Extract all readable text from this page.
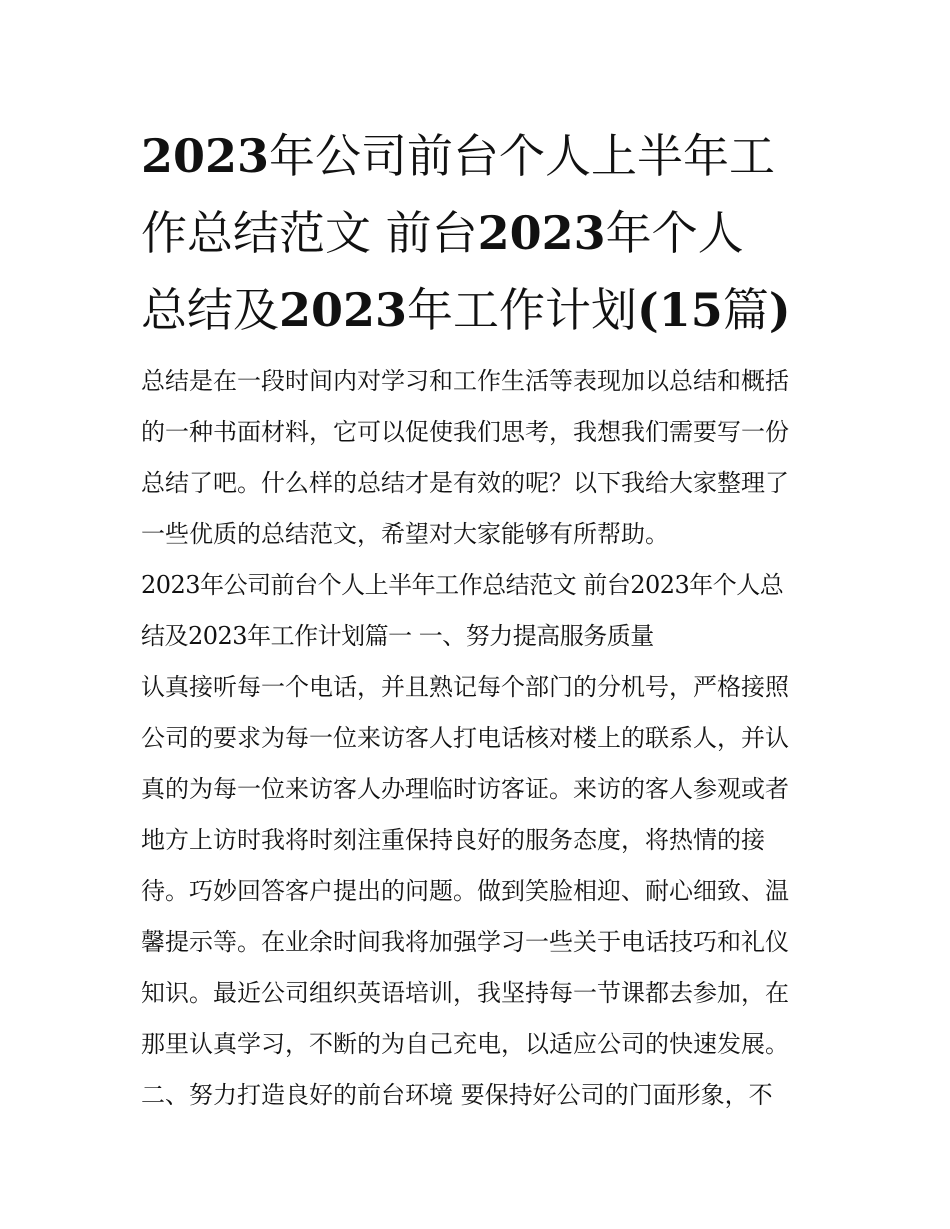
2023年公司前台个人上半年工
作总结范文 前台2023年个人
总结及2023年工作计划(15篇)

总结是在一段时间内对学习和工作生活等表现加以总结和概括
的一种书面材料，它可以促使我们思考，我想我们需要写一份
总结了吧。什么样的总结才是有效的呢？以下我给大家整理了
一些优质的总结范文，希望对大家能够有所帮助。

2023年公司前台个人上半年工作总结范文 前台2023年个人总
结及2023年工作计划篇一 一、努力提高服务质量

认真接听每一个电话，并且熟记每个部门的分机号，严格接照
公司的要求为每一位来访客人打电话核对楼上的联系人，并认
真的为每一位来访客人办理临时访客证。来访的客人参观或者
地方上访时我将时刻注重保持良好的服务态度，将热情的接
待。巧妙回答客户提出的问题。做到笑脸相迎、耐心细致、温
馨提示等。在业余时间我将加强学习一些关于电话技巧和礼仪
知识。最近公司组织英语培训，我坚持每一节课都去参加，在
那里认真学习，不断的为自己充电，以适应公司的快速发展。
二、努力打造良好的前台环境 要保持好公司的门面形象，不
